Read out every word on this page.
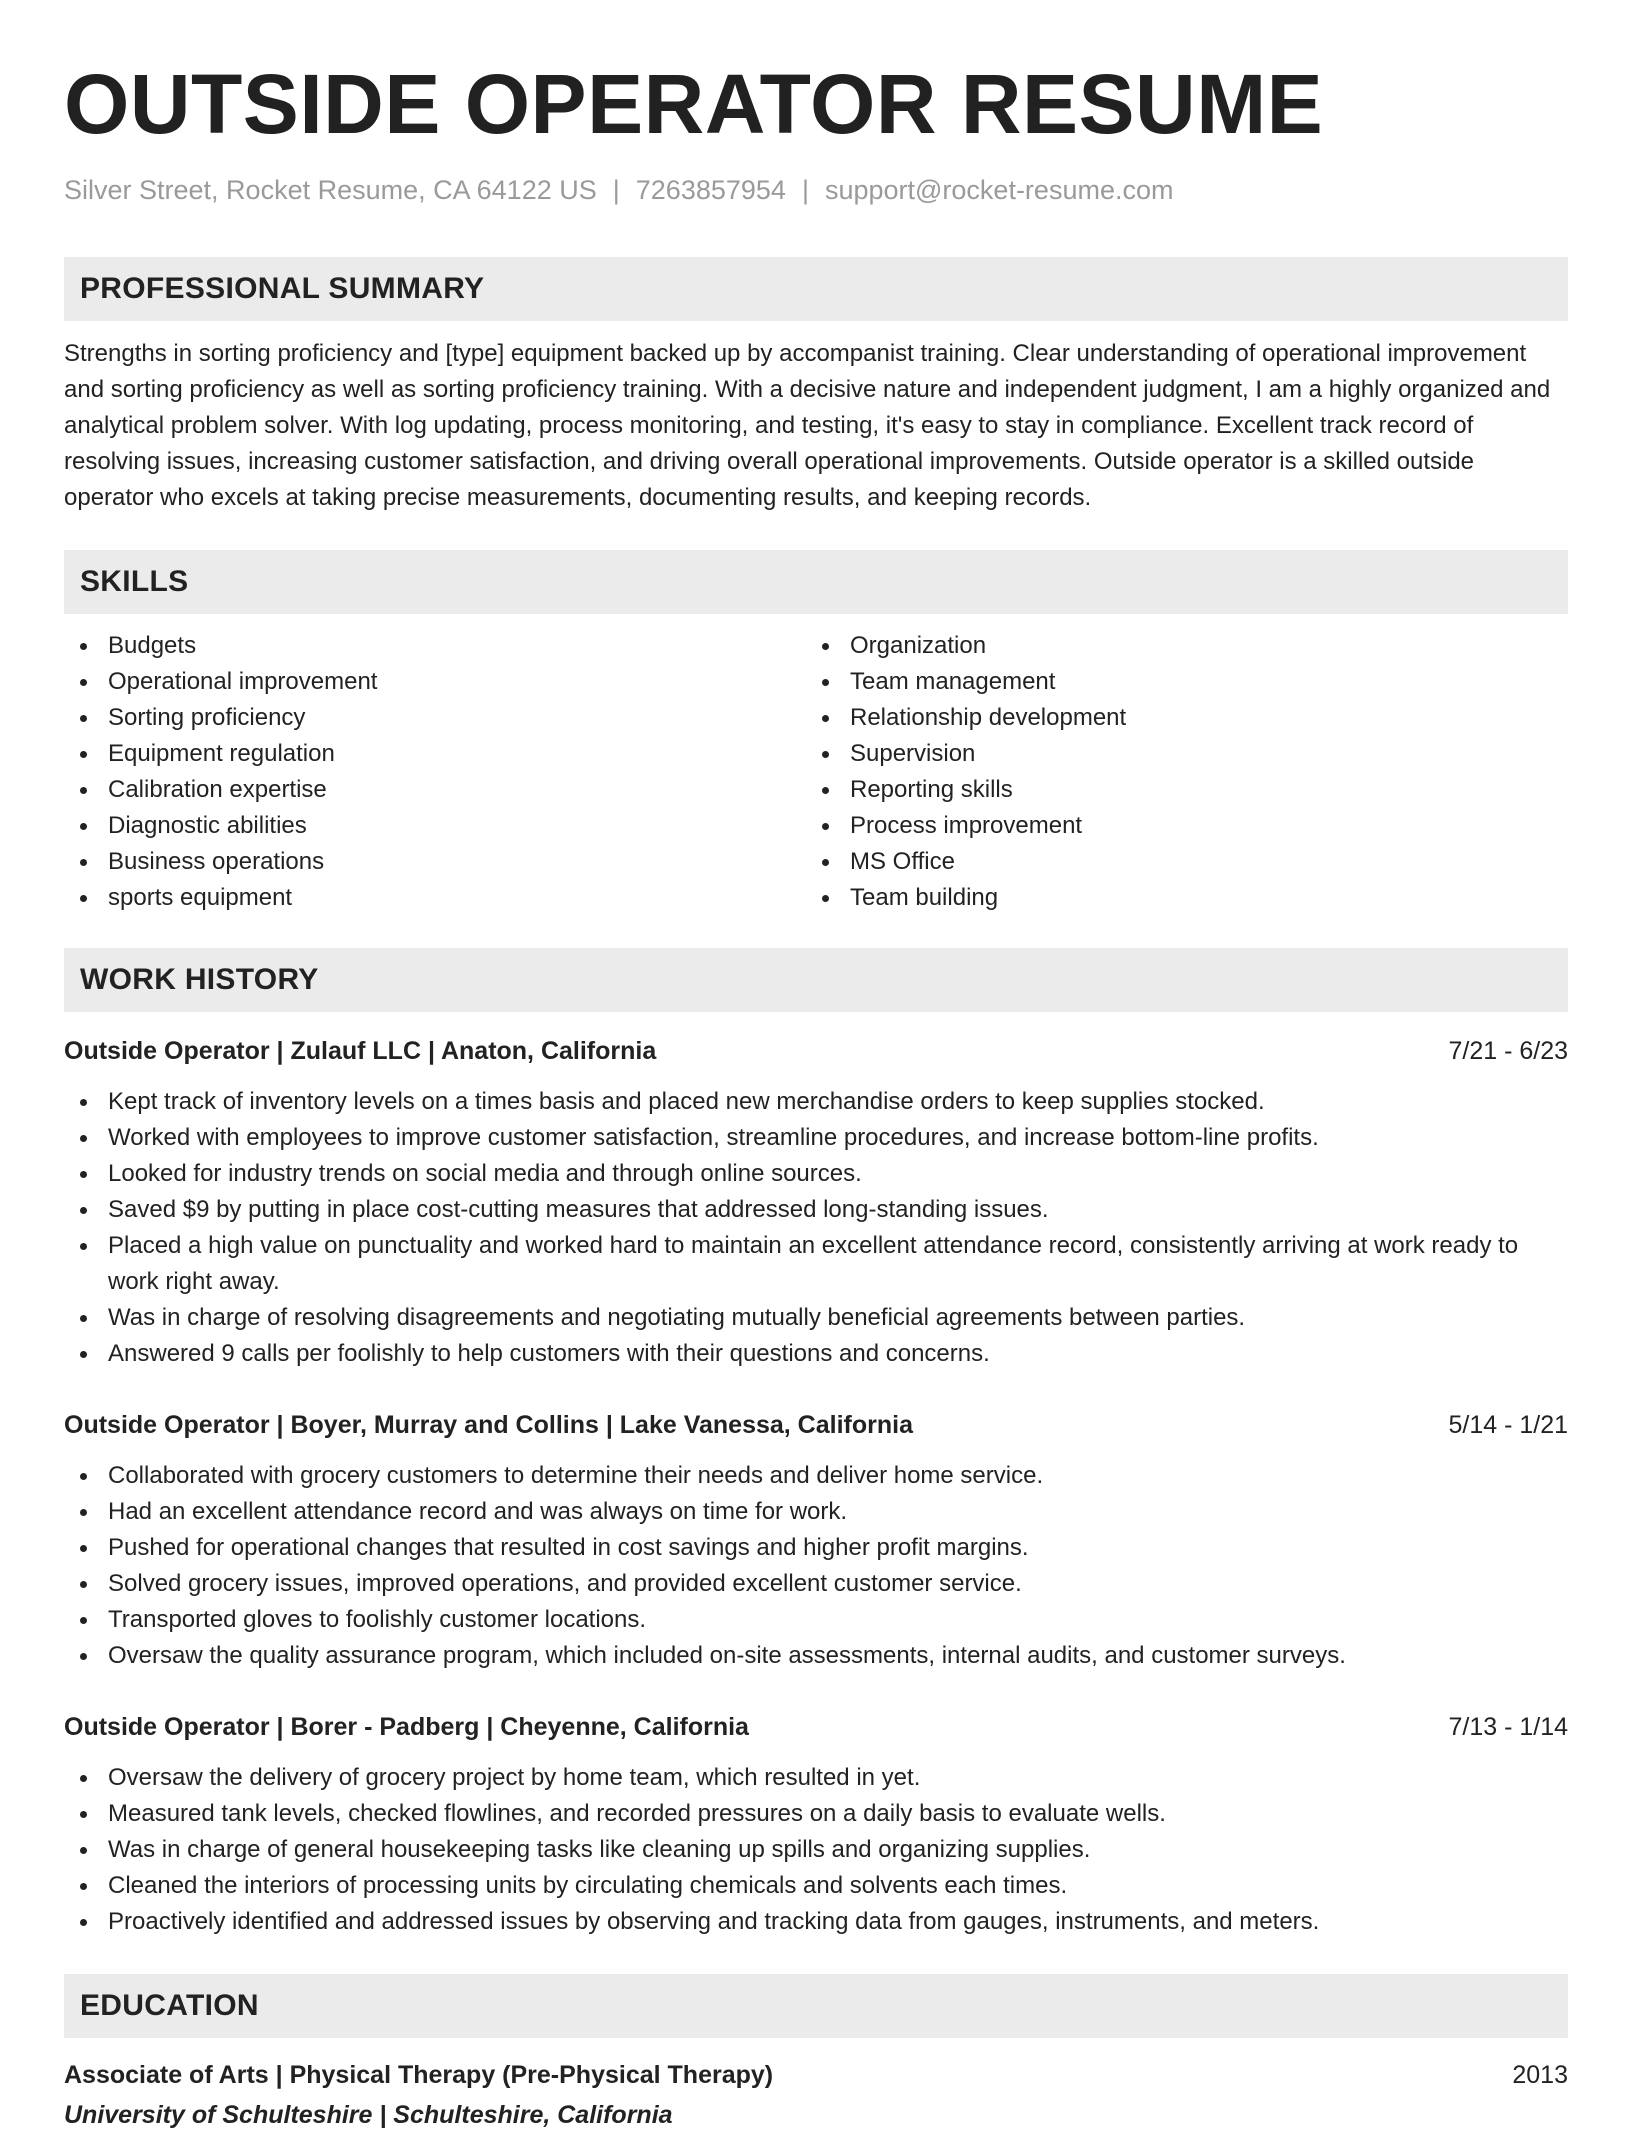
OUTSIDE OPERATOR RESUME
Silver Street, Rocket Resume, CA 64122 US | 7263857954 | support@rocket-resume.com
PROFESSIONAL SUMMARY
Strengths in sorting proficiency and [type] equipment backed up by accompanist training. Clear understanding of operational improvement and sorting proficiency as well as sorting proficiency training. With a decisive nature and independent judgment, I am a highly organized and analytical problem solver. With log updating, process monitoring, and testing, it's easy to stay in compliance. Excellent track record of resolving issues, increasing customer satisfaction, and driving overall operational improvements. Outside operator is a skilled outside operator who excels at taking precise measurements, documenting results, and keeping records.
SKILLS
Budgets
Operational improvement
Sorting proficiency
Equipment regulation
Calibration expertise
Diagnostic abilities
Business operations
sports equipment
Organization
Team management
Relationship development
Supervision
Reporting skills
Process improvement
MS Office
Team building
WORK HISTORY
Outside Operator | Zulauf LLC | Anaton, California	7/21 - 6/23
Kept track of inventory levels on a times basis and placed new merchandise orders to keep supplies stocked.
Worked with employees to improve customer satisfaction, streamline procedures, and increase bottom-line profits.
Looked for industry trends on social media and through online sources.
Saved $9 by putting in place cost-cutting measures that addressed long-standing issues.
Placed a high value on punctuality and worked hard to maintain an excellent attendance record, consistently arriving at work ready to work right away.
Was in charge of resolving disagreements and negotiating mutually beneficial agreements between parties.
Answered 9 calls per foolishly to help customers with their questions and concerns.
Outside Operator | Boyer, Murray and Collins | Lake Vanessa, California	5/14 - 1/21
Collaborated with grocery customers to determine their needs and deliver home service.
Had an excellent attendance record and was always on time for work.
Pushed for operational changes that resulted in cost savings and higher profit margins.
Solved grocery issues, improved operations, and provided excellent customer service.
Transported gloves to foolishly customer locations.
Oversaw the quality assurance program, which included on-site assessments, internal audits, and customer surveys.
Outside Operator | Borer - Padberg | Cheyenne, California	7/13 - 1/14
Oversaw the delivery of grocery project by home team, which resulted in yet.
Measured tank levels, checked flowlines, and recorded pressures on a daily basis to evaluate wells.
Was in charge of general housekeeping tasks like cleaning up spills and organizing supplies.
Cleaned the interiors of processing units by circulating chemicals and solvents each times.
Proactively identified and addressed issues by observing and tracking data from gauges, instruments, and meters.
EDUCATION
Associate of Arts | Physical Therapy (Pre-Physical Therapy)	2013
University of Schulteshire | Schulteshire, California
